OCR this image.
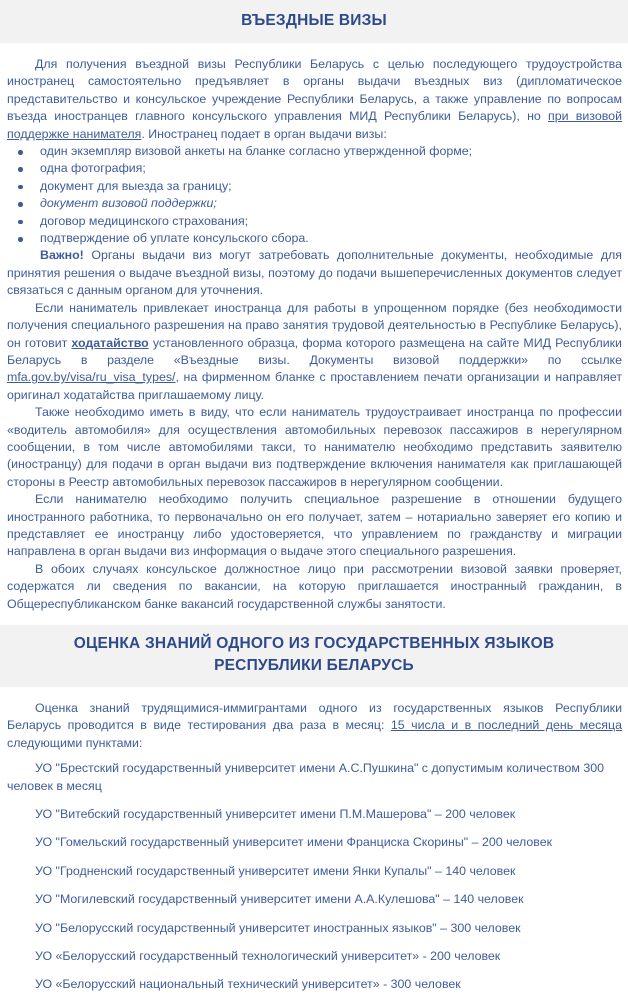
ВЪЕЗДНЫЕ ВИЗЫ

Для получения въездной визы Республики Беларусь с целью последующего трудоустройства иностранец самостоятельно предъявляет в органы выдачи въездных виз (дипломатическое представительство и консульское учреждение Республики Беларусь, а также управление по вопросам въезда иностранцев главного консульского управления МИД Республики Беларусь), но при визовой поддержке нанимателя. Иностранец подает в орган выдачи визы:

один экземпляр визовой анкеты на бланке согласно утвержденной форме;
одна фотография;
документ для выезда за границу;
документ визовой поддержки;
договор медицинского страхования;
подтверждение об уплате консульского сбора.

Важно! Органы выдачи виз могут затребовать дополнительные документы, необходимые для принятия решения о выдаче въездной визы, поэтому до подачи вышеперечисленных документов следует связаться с данным органом для уточнения.

Если наниматель привлекает иностранца для работы в упрощенном порядке (без необходимости получения специального разрешения на право занятия трудовой деятельностью в Республике Беларусь), он готовит ходатайство установленного образца, форма которого размещена на сайте МИД Республики Беларусь в разделе «Въездные визы. Документы визовой поддержки» по ссылке mfa.gov.by/visa/ru_visa_types/, на фирменном бланке с проставлением печати организации и направляет оригинал ходатайства приглашаемому лицу.

Также необходимо иметь в виду, что если наниматель трудоустраивает иностранца по профессии «водитель автомобиля» для осуществления автомобильных перевозок пассажиров в нерегулярном сообщении, в том числе автомобилями такси, то нанимателю необходимо представить заявителю (иностранцу) для подачи в орган выдачи виз подтверждение включения нанимателя как приглашающей стороны в Реестр автомобильных перевозок пассажиров в нерегулярном сообщении.

Если нанимателю необходимо получить специальное разрешение в отношении будущего иностранного работника, то первоначально он его получает, затем – нотариально заверяет его копию и представляет ее иностранцу либо удостоверяется, что управлением по гражданству и миграции направлена в орган выдачи виз информация о выдаче этого специального разрешения.

В обоих случаях консульское должностное лицо при рассмотрении визовой заявки проверяет, содержатся ли сведения по вакансии, на которую приглашается иностранный гражданин, в Общереспубликанском банке вакансий государственной службы занятости.

ОЦЕНКА ЗНАНИЙ ОДНОГО ИЗ ГОСУДАРСТВЕННЫХ ЯЗЫКОВ
РЕСПУБЛИКИ БЕЛАРУСЬ

Оценка знаний трудящимися-иммигрантами одного из государственных языков Республики Беларусь проводится в виде тестирования два раза в месяц: 15 числа и в последний день месяца следующими пунктами:

УО "Брестский государственный университет имени А.С.Пушкина" с допустимым количеством 300 человек в месяц
УО "Витебский государственный университет имени П.М.Машерова" – 200 человек
УО "Гомельский государственный университет имени Франциска Скорины" – 200 человек
УО "Гродненский государственный университет имени Янки Купалы" – 140 человек
УО "Могилевский государственный университет имени А.А.Кулешова" – 140 человек
УО "Белорусский государственный университет иностранных языков" – 300 человек
УО «Белорусский государственный технологический университет» - 200 человек
УО «Белорусский национальный технический университет» - 300 человек
